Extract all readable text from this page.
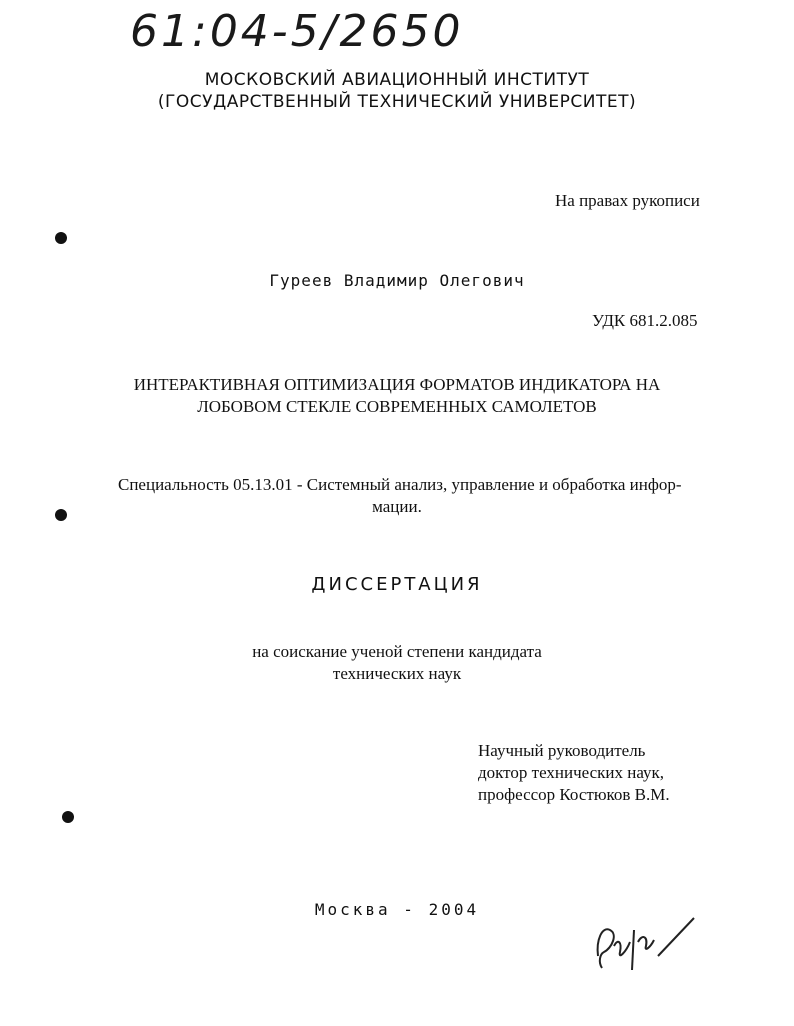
61:04-5/2650
МОСКОВСКИЙ АВИАЦИОННЫЙ ИНСТИТУТ
(ГОСУДАРСТВЕННЫЙ ТЕХНИЧЕСКИЙ УНИВЕРСИТЕТ)
На правах рукописи
Гуреев Владимир Олегович
УДК 681.2.085
ИНТЕРАКТИВНАЯ ОПТИМИЗАЦИЯ ФОРМАТОВ ИНДИКАТОРА НА
ЛОБОВОМ СТЕКЛЕ СОВРЕМЕННЫХ САМОЛЕТОВ
Специальность 05.13.01 - Системный анализ, управление и обработка инфор-
мации.
ДИССЕРТАЦИЯ
на соискание ученой степени кандидата
технических наук
Научный руководитель
доктор технических наук,
профессор Костюков В.М.
Москва - 2004
